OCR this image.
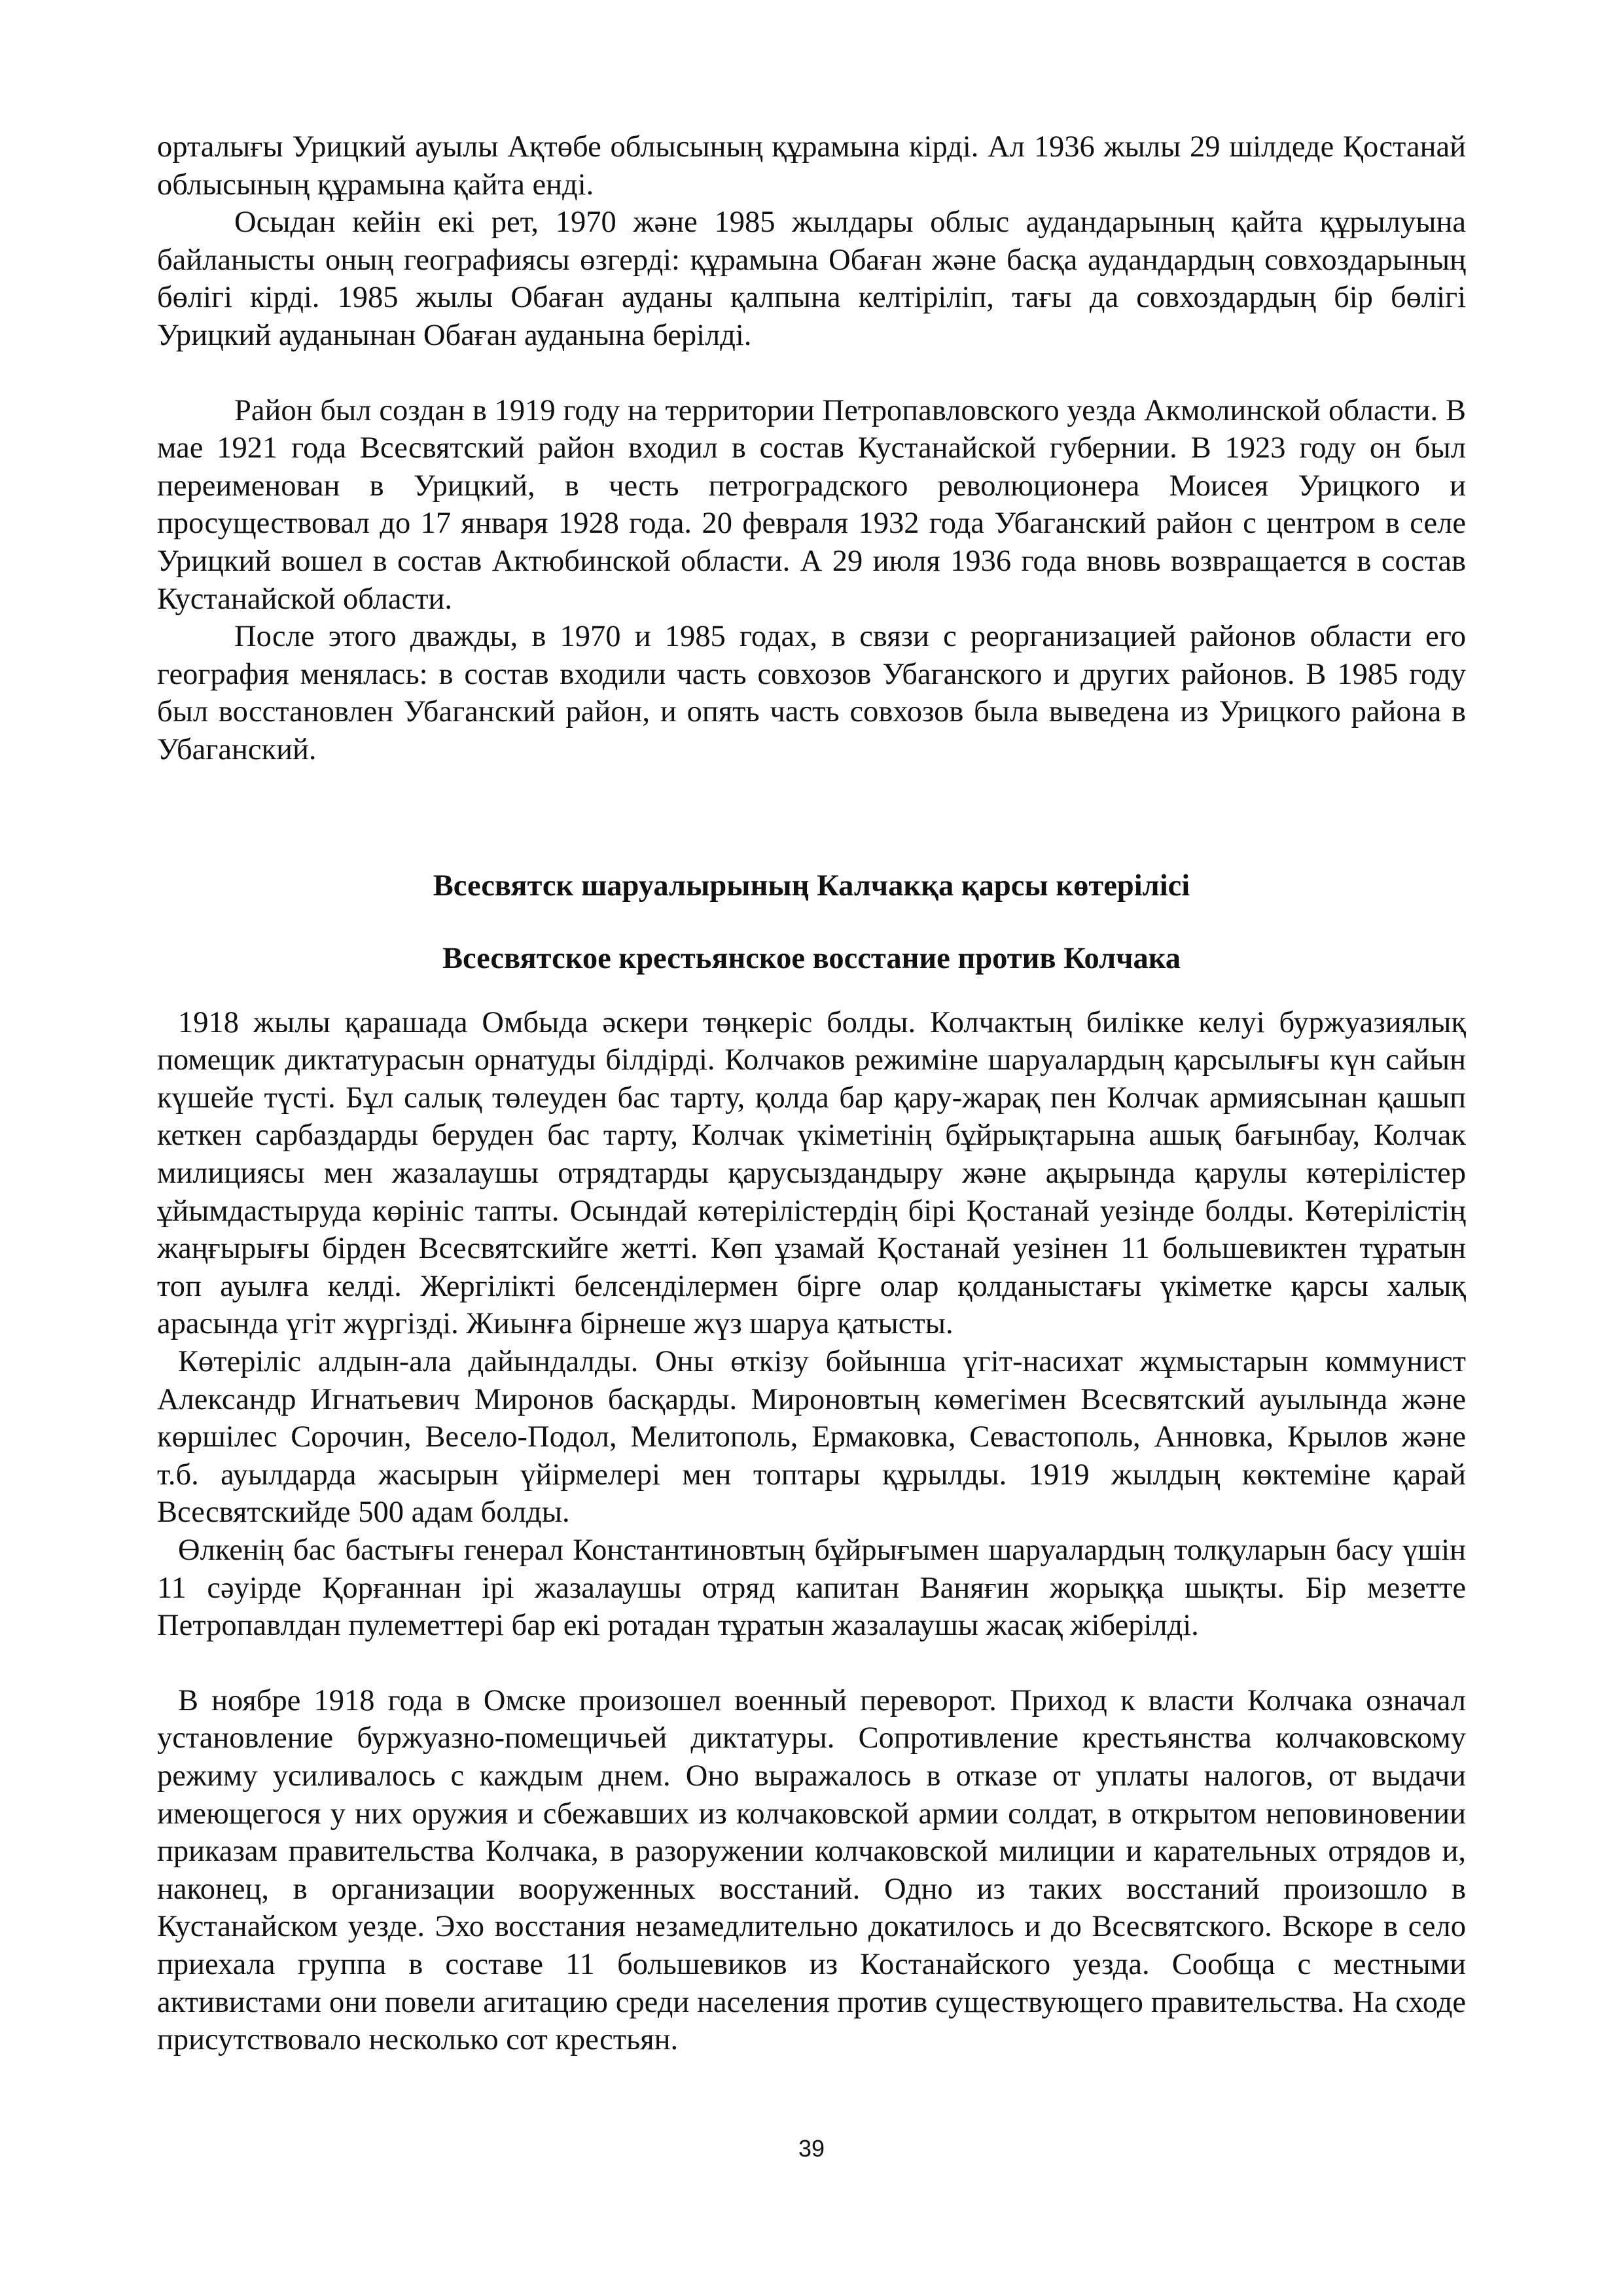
орталығы Урицкий ауылы Ақтөбе облысының құрамына кірді. Ал 1936 жылы 29 шілдеде Қостанай облысының құрамына қайта енді.

Осыдан кейін екі рет, 1970 және 1985 жылдары облыс аудандарының қайта құрылуына байланысты оның географиясы өзгерді: құрамына Обаған және басқа аудандардың совхоздарының бөлігі кірді. 1985 жылы Обаған ауданы қалпына келтіріліп, тағы да совхоздардың бір бөлігі Урицкий ауданынан Обаған ауданына берілді.

Район был создан в 1919 году на территории Петропавловского уезда Акмолинской области. В мае 1921 года Всесвятский район входил в состав Кустанайской губернии. В 1923 году он был переименован в Урицкий, в честь петроградского революционера Моисея Урицкого и просуществовал до 17 января 1928 года. 20 февраля 1932 года Убаганский район с центром в селе Урицкий вошел в состав Актюбинской области. А 29 июля 1936 года вновь возвращается в состав Кустанайской области.

После этого дважды, в 1970 и 1985 годах, в связи с реорганизацией районов области его география менялась: в состав входили часть совхозов Убаганского и других районов. В 1985 году был восстановлен Убаганский район, и опять часть совхозов была выведена из Урицкого района в Убаганский.

Всесвятск шаруалырының Калчакқа қарсы көтерілісі

Всесвятское крестьянское восстание против Колчака

1918 жылы қарашада Омбыда әскери төңкеріс болды. Колчактың билікке келуі буржуазиялық помещик диктатурасын орнатуды білдірді. Колчаков режиміне шаруалардың қарсылығы күн сайын күшейе түсті. Бұл салық төлеуден бас тарту, қолда бар қару-жарақ пен Колчак армиясынан қашып кеткен сарбаздарды беруден бас тарту, Колчак үкіметінің бұйрықтарына ашық бағынбау, Колчак милициясы мен жазалаушы отрядтарды қарусыздандыру және ақырында қарулы көтерілістер ұйымдастыруда көрініс тапты. Осындай көтерілістердің бірі Қостанай уезінде болды. Көтерілістің жаңғырығы бірден Всесвятскийге жетті. Көп ұзамай Қостанай уезінен 11 большевиктен тұратын топ ауылға келді. Жергілікті белсенділермен бірге олар қолданыстағы үкіметке қарсы халық арасында үгіт жүргізді. Жиынға бірнеше жүз шаруа қатысты.

Көтеріліс алдын-ала дайындалды. Оны өткізу бойынша үгіт-насихат жұмыстарын коммунист Александр Игнатьевич Миронов басқарды. Мироновтың көмегімен Всесвятский ауылында және көршілес Сорочин, Весело-Подол, Мелитополь, Ермаковка, Севастополь, Анновка, Крылов және т.б. ауылдарда жасырын үйірмелері мен топтары құрылды. 1919 жылдың көктеміне қарай Всесвятскийде 500 адам болды.

Өлкенің бас бастығы генерал Константиновтың бұйрығымен шаруалардың толқуларын басу үшін 11 сәуірде Қорғаннан ірі жазалаушы отряд капитан Ваняғин жорыққа шықты. Бір мезетте Петропавлдан пулеметтері бар екі ротадан тұратын жазалаушы жасақ жіберілді.

В ноябре 1918 года в Омске произошел военный переворот. Приход к власти Колчака означал установление буржуазно-помещичьей диктатуры. Сопротивление крестьянства колчаковскому режиму усиливалось с каждым днем. Оно выражалось в отказе от уплаты налогов, от выдачи имеющегося у них оружия и сбежавших из колчаковской армии солдат, в открытом неповиновении приказам правительства Колчака, в разоружении колчаковской милиции и карательных отрядов и, наконец, в организации вооруженных восстаний. Одно из таких восстаний произошло в Кустанайском уезде. Эхо восстания незамедлительно докатилось и до Всесвятского. Вскоре в село приехала группа в составе 11 большевиков из Костанайского уезда. Сообща с местными активистами они повели агитацию среди населения против существующего правительства. На сходе присутствовало несколько сот крестьян.

39
